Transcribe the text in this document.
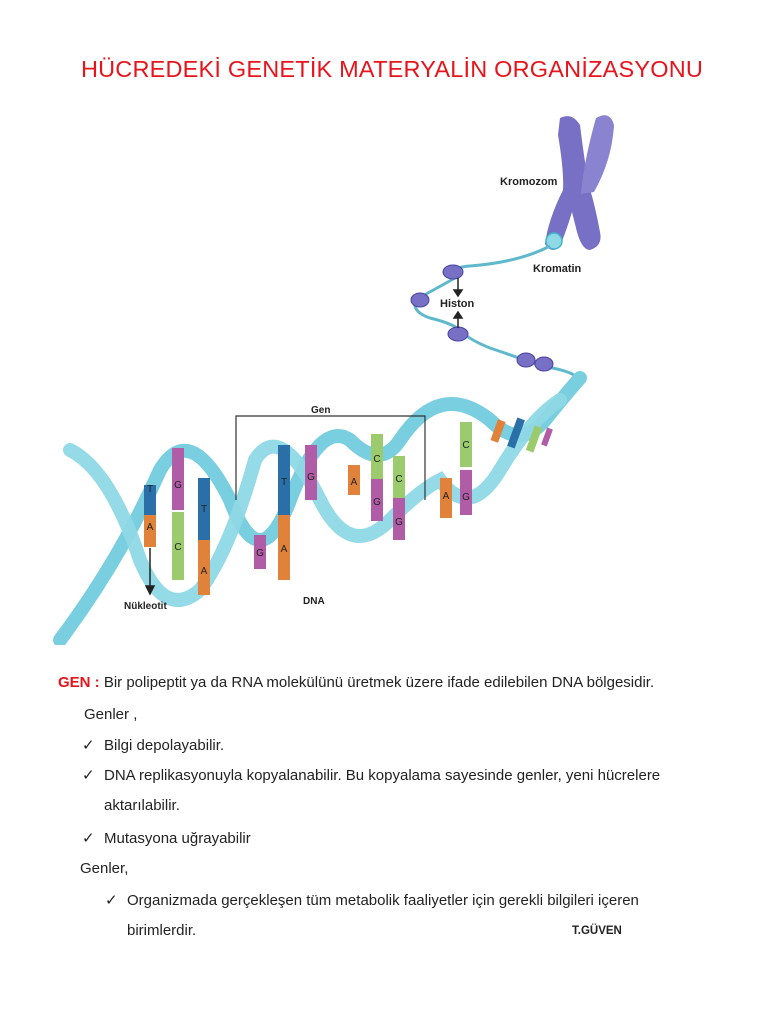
HÜCREDEKİ GENETİK MATERYALİN ORGANİZASYONU
T
A
G
C
T
A
G
T
A
G	A
C
G
C
G
A
C
G
Kromozom
Kromatin
Histon
Gen
DNA
Nükleotit
GEN : Bir polipeptit ya da RNA molekülünü üretmek üzere ifade edilebilen DNA bölgesidir.
Genler ,
✓ Bilgi depolayabilir.
✓ DNA replikasyonuyla kopyalanabilir. Bu kopyalama sayesinde genler, yeni hücrelere
aktarılabilir.
✓ Mutasyona uğrayabilir
Genler,
✓ Organizmada gerçekleşen tüm metabolik faaliyetler için gerekli bilgileri içeren
birimlerdir.	T.GÜVEN
